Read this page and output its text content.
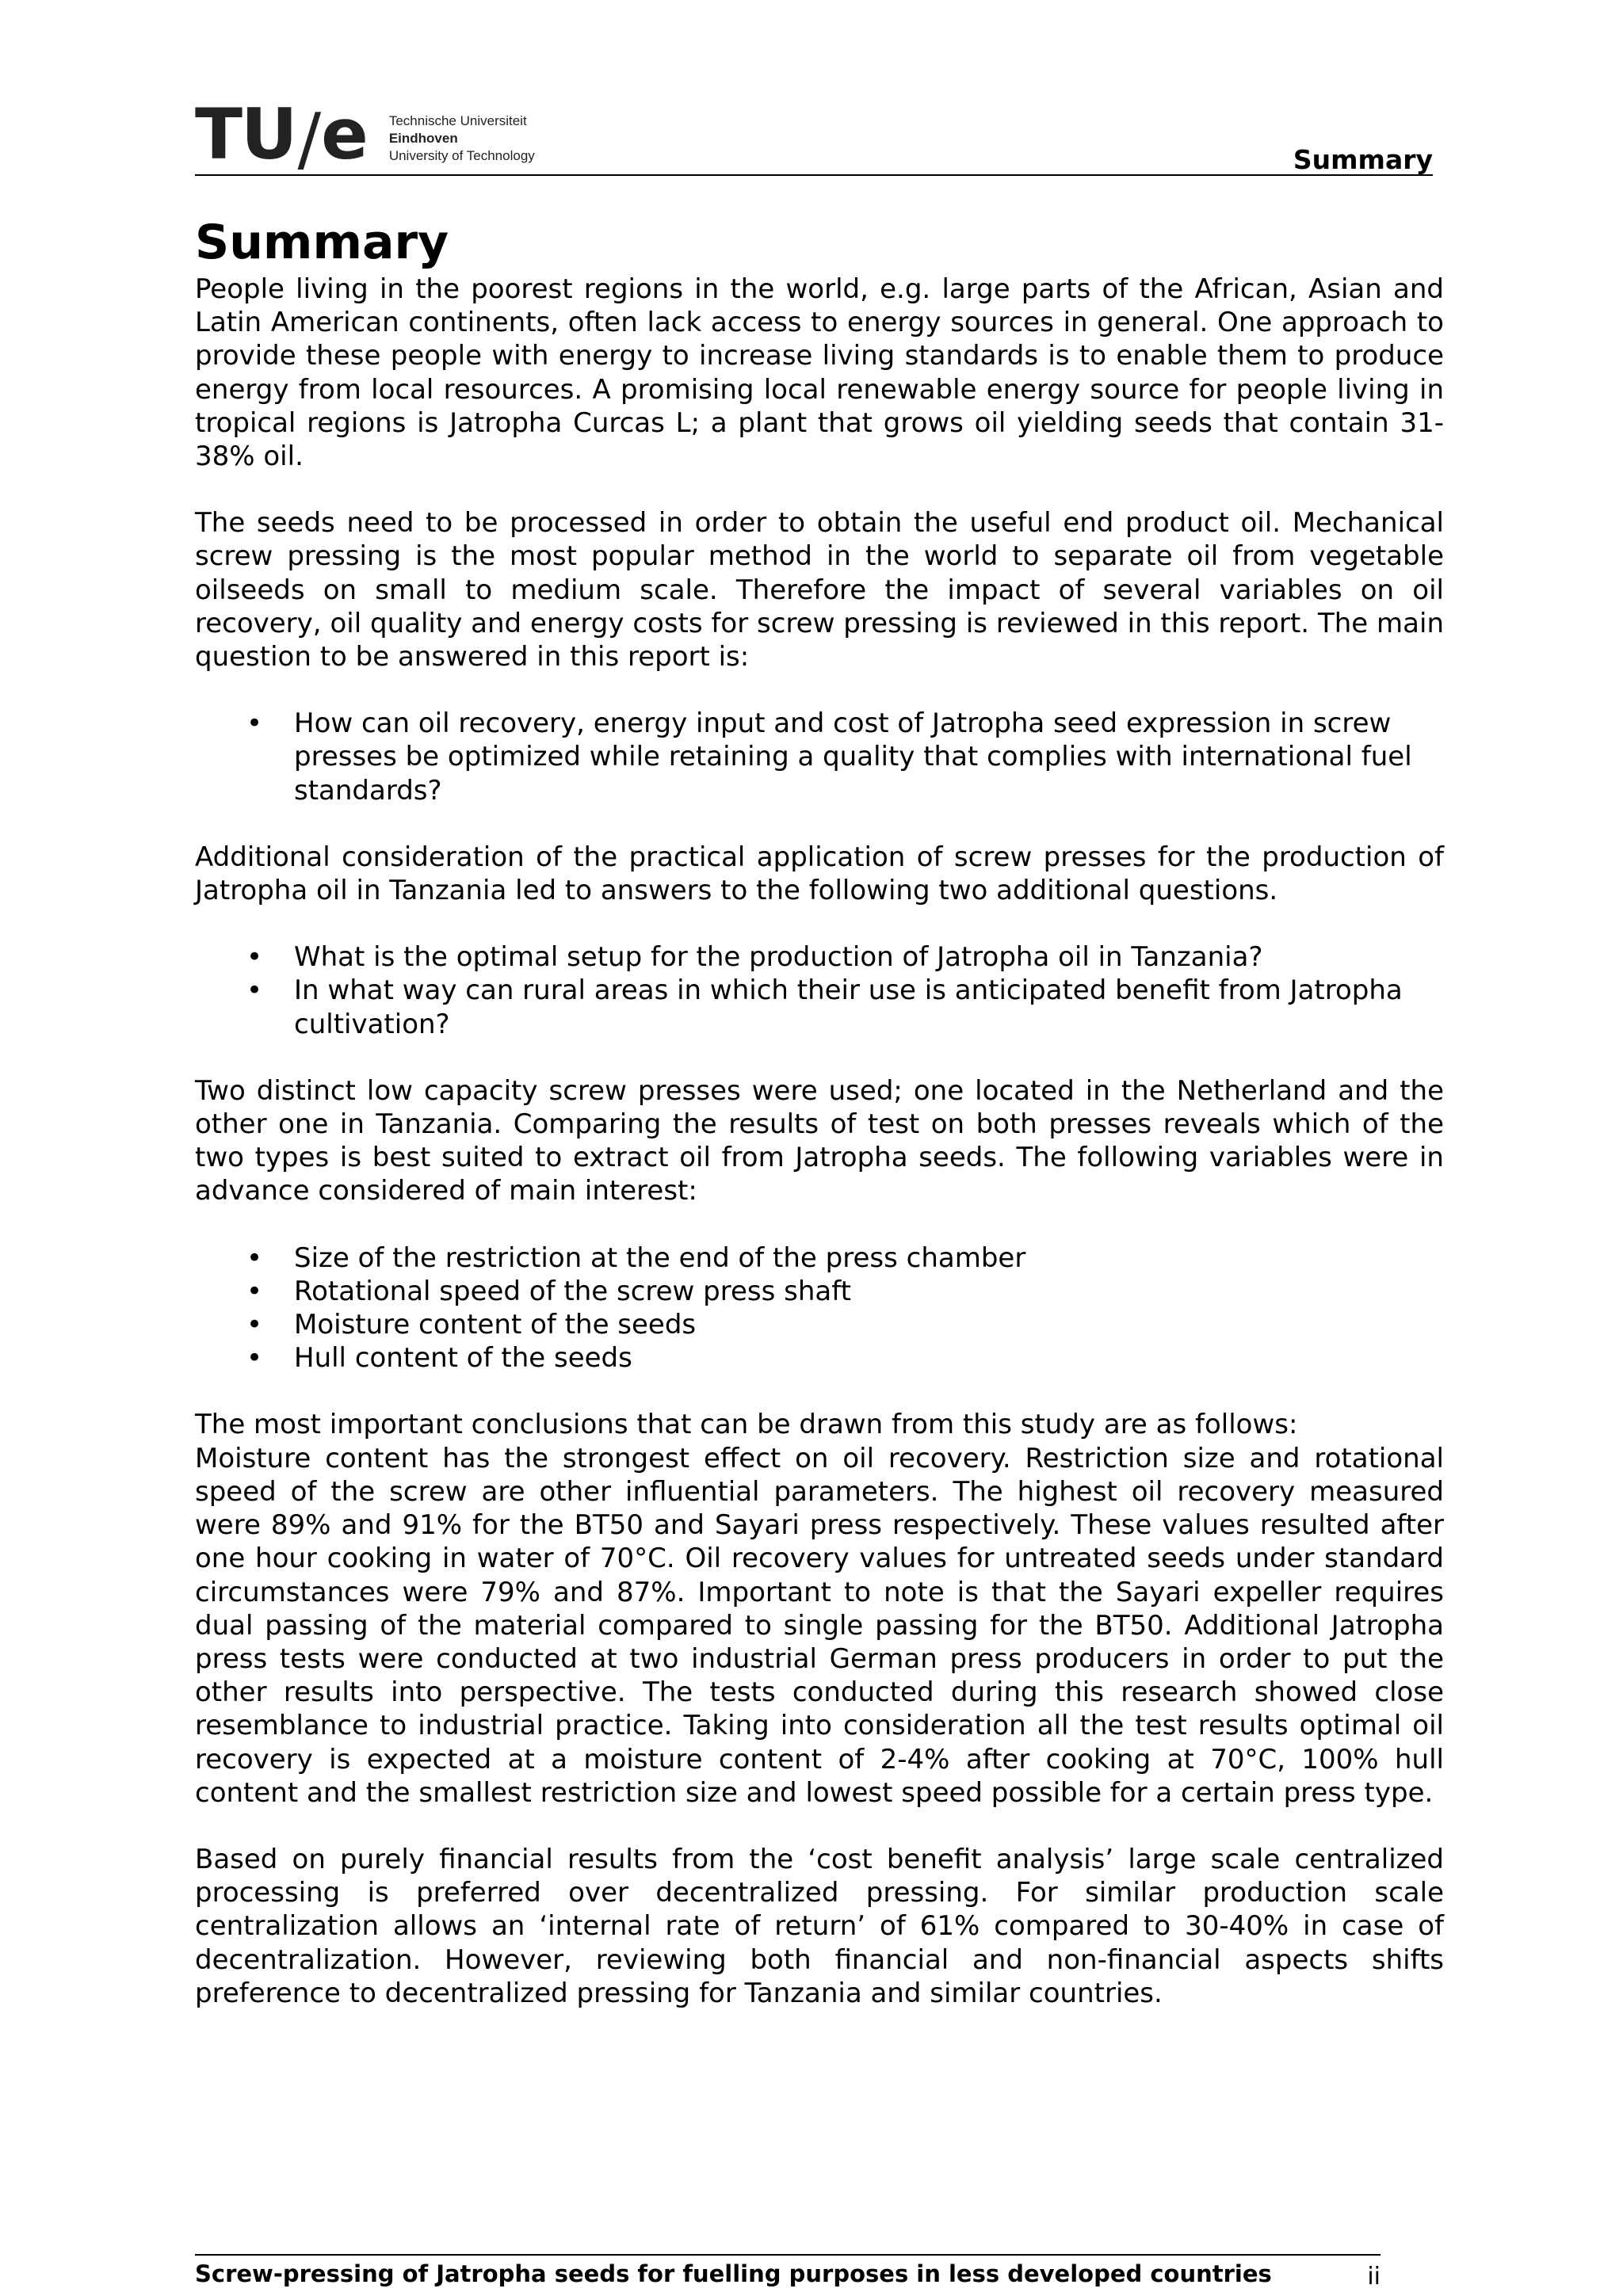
TU / e Technische Universiteit
Eindhoven
University of Technology	Summary
Summary

People living in the poorest regions in the world, e.g. large parts of the African, Asian and Latin American continents, often lack access to energy sources in general. One approach to provide these people with energy to increase living standards is to enable them to produce energy from local resources. A promising local renewable energy source for people living in tropical regions is Jatropha Curcas L; a plant that grows oil yielding seeds that contain 31-38% oil.

The seeds need to be processed in order to obtain the useful end product oil. Mechanical screw pressing is the most popular method in the world to separate oil from vegetable oilseeds on small to medium scale. Therefore the impact of several variables on oil recovery, oil quality and energy costs for screw pressing is reviewed in this report. The main question to be answered in this report is:

• How can oil recovery, energy input and cost of Jatropha seed expression in screw presses be optimized while retaining a quality that complies with international fuel standards?

Additional consideration of the practical application of screw presses for the production of Jatropha oil in Tanzania led to answers to the following two additional questions.

• What is the optimal setup for the production of Jatropha oil in Tanzania?
• In what way can rural areas in which their use is anticipated benefit from Jatropha cultivation?

Two distinct low capacity screw presses were used; one located in the Netherland and the other one in Tanzania. Comparing the results of test on both presses reveals which of the two types is best suited to extract oil from Jatropha seeds. The following variables were in advance considered of main interest:

• Size of the restriction at the end of the press chamber
• Rotational speed of the screw press shaft
• Moisture content of the seeds
• Hull content of the seeds

The most important conclusions that can be drawn from this study are as follows:

Moisture content has the strongest effect on oil recovery. Restriction size and rotational speed of the screw are other influential parameters. The highest oil recovery measured were 89% and 91% for the BT50 and Sayari press respectively. These values resulted after one hour cooking in water of 70°C. Oil recovery values for untreated seeds under standard circumstances were 79% and 87%. Important to note is that the Sayari expeller requires dual passing of the material compared to single passing for the BT50. Additional Jatropha press tests were conducted at two industrial German press producers in order to put the other results into perspective. The tests conducted during this research showed close resemblance to industrial practice. Taking into consideration all the test results optimal oil recovery is expected at a moisture content of 2-4% after cooking at 70°C, 100% hull content and the smallest restriction size and lowest speed possible for a certain press type.

Based on purely financial results from the ‘cost benefit analysis’ large scale centralized processing is preferred over decentralized pressing. For similar production scale centralization allows an ‘internal rate of return’ of 61% compared to 30-40% in case of decentralization. However, reviewing both financial and non-financial aspects shifts preference to decentralized pressing for Tanzania and similar countries.

ii
Screw-pressing of Jatropha seeds for fuelling purposes in less developed countries
